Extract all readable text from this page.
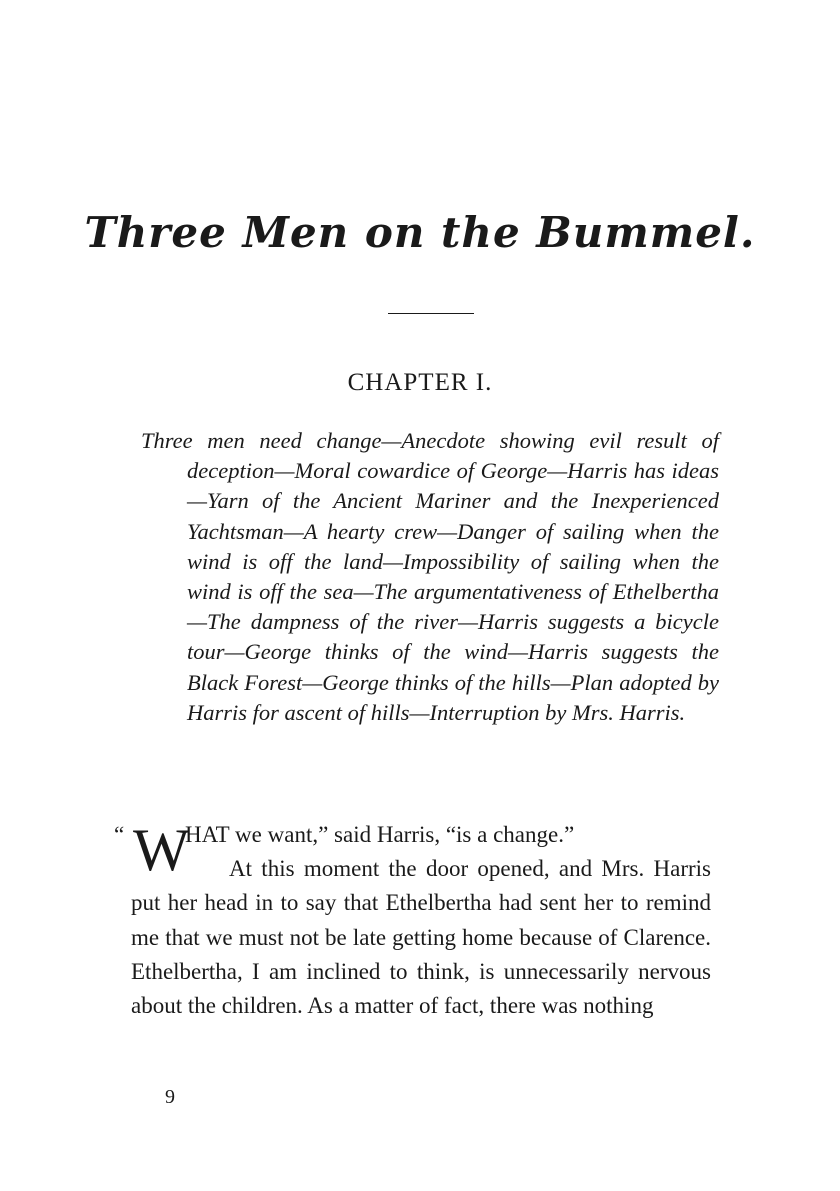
Three Men on the Bummel.
CHAPTER I.
Three men need change—Anecdote showing evil result of deception—Moral cowardice of George—Harris has ideas—Yarn of the Ancient Mariner and the Inexperienced Yachtsman—A hearty crew—Danger of sailing when the wind is off the land—Impossibility of sailing when the wind is off the sea—The argumentativeness of Ethelbertha—The dampness of the river—Harris suggests a bicycle tour—George thinks of the wind—Harris suggests the Black Forest—George thinks of the hills—Plan adopted by Harris for ascent of hills—Interruption by Mrs. Harris.
“ W
HAT we want,” said Harris, “is a change.”
At this moment the door opened, and Mrs. Harris put her head in to say that Ethelbertha had sent her to remind me that we must not be late getting home because of Clarence. Ethelbertha, I am inclined to think, is unnecessarily nervous about the children. As a matter of fact, there was nothing
9
